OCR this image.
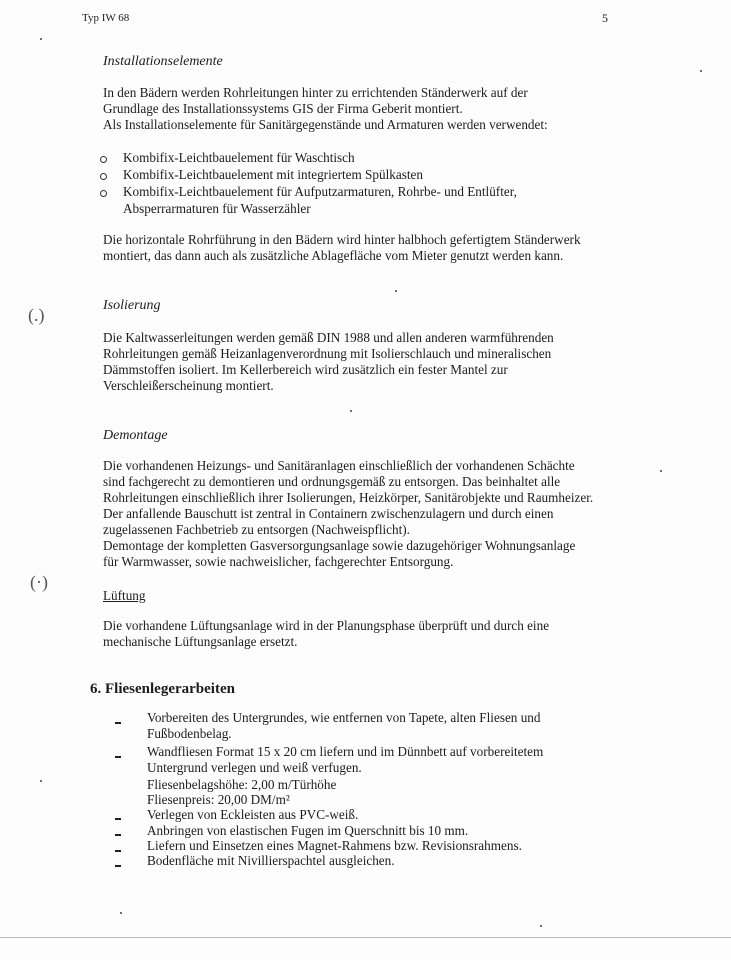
Typ IW 68	5
Installationselemente
In den Bädern werden Rohrleitungen hinter zu errichtenden Ständerwerk auf der
Grundlage des Installationssystems GIS der Firma Geberit montiert.
Als Installationselemente für Sanitärgegenstände und Armaturen werden verwendet:
Kombifix-Leichtbauelement für Waschtisch
Kombifix-Leichtbauelement mit integriertem Spülkasten
Kombifix-Leichtbauelement für Aufputzarmaturen, Rohrbe- und Entlüfter,
Absperrarmaturen für Wasserzähler
Die horizontale Rohrführung in den Bädern wird hinter halbhoch gefertigtem Ständerwerk
montiert, das dann auch als zusätzliche Ablagefläche vom Mieter genutzt werden kann.
(.)	Isolierung
Die Kaltwasserleitungen werden gemäß DIN 1988 und allen anderen warmführenden
Rohrleitungen gemäß Heizanlagenverordnung mit Isolierschlauch und mineralischen
Dämmstoffen isoliert. Im Kellerbereich wird zusätzlich ein fester Mantel zur
Verschleißerscheinung montiert.
Demontage
Die vorhandenen Heizungs- und Sanitäranlagen einschließlich der vorhandenen Schächte
sind fachgerecht zu demontieren und ordnungsgemäß zu entsorgen. Das beinhaltet alle
Rohrleitungen einschließlich ihrer Isolierungen, Heizkörper, Sanitärobjekte und Raumheizer.
Der anfallende Bauschutt ist zentral in Containern zwischenzulagern und durch einen
zugelassenen Fachbetrieb zu entsorgen (Nachweispflicht).
Demontage der kompletten Gasversorgungsanlage sowie dazugehöriger Wohnungsanlage
für Warmwasser, sowie nachweislicher, fachgerechter Entsorgung.
(·)
Lüftung
Die vorhandene Lüftungsanlage wird in der Planungsphase überprüft und durch eine
mechanische Lüftungsanlage ersetzt.
6. Fliesenlegerarbeiten
Vorbereiten des Untergrundes, wie entfernen von Tapete, alten Fliesen und
Fußbodenbelag.
Wandfliesen Format 15 x 20 cm liefern und im Dünnbett auf vorbereitetem
Untergrund verlegen und weiß verfugen.
Fliesenbelagshöhe: 2,00 m/Türhöhe
Fliesenpreis: 20,00 DM/m²
Verlegen von Eckleisten aus PVC-weiß.
Anbringen von elastischen Fugen im Querschnitt bis 10 mm.
Liefern und Einsetzen eines Magnet-Rahmens bzw. Revisionsrahmens.
Bodenfläche mit Nivillierspachtel ausgleichen.
